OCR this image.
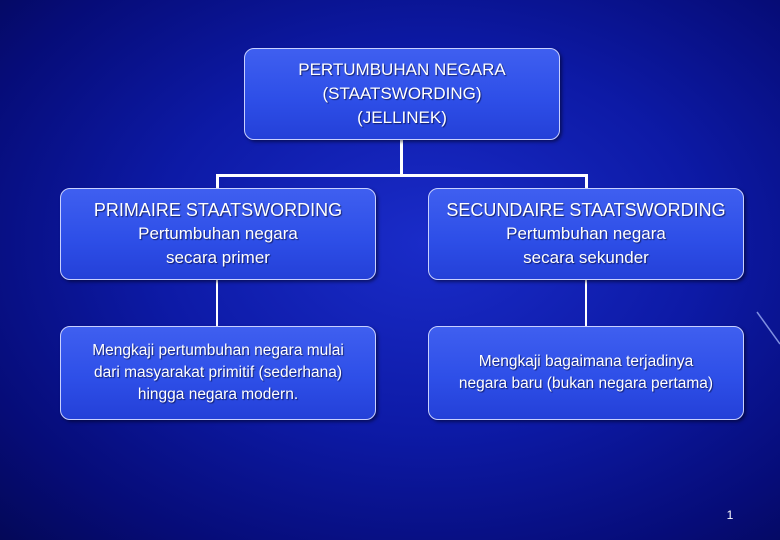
PERTUMBUHAN NEGARA
(STAATSWORDING)
(JELLINEK)
PRIMAIRE STAATSWORDING
Pertumbuhan negara
secara primer
SECUNDAIRE STAATSWORDING
Pertumbuhan negara
secara sekunder
Mengkaji pertumbuhan negara mulai
dari masyarakat primitif (sederhana)
hingga negara modern.
Mengkaji bagaimana terjadinya
negara baru (bukan negara pertama)
1
